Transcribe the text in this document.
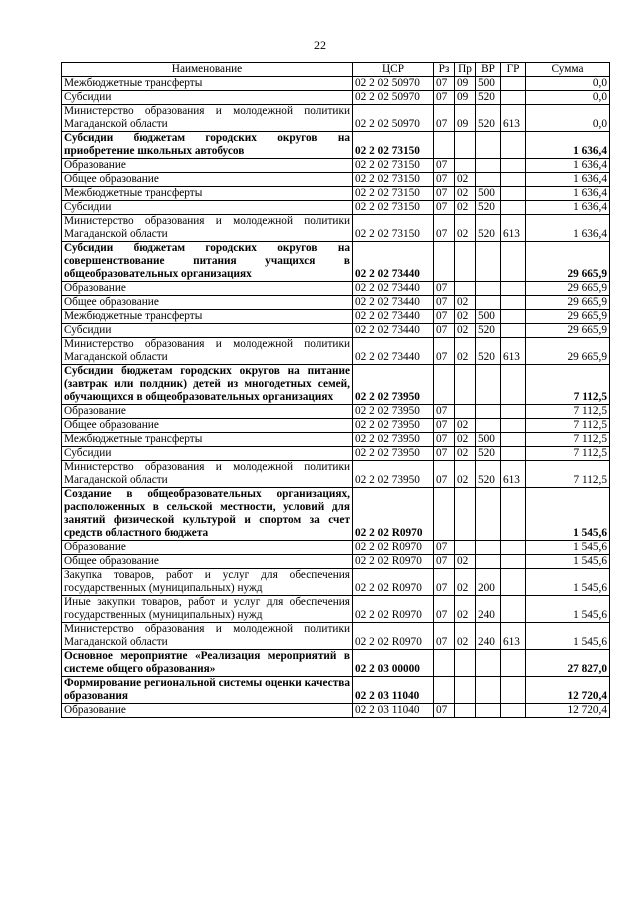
22
Наименование	ЦСР	Рз	Пр	ВР	ГР	Сумма
Межбюджетные трансферты	02 2 02 50970	07	09	500		0,0
Субсидии	02 2 02 50970	07	09	520		0,0
Министерство образования и молодежной политики Магаданской области	02 2 02 50970	07	09	520	613	0,0
Субсидии бюджетам городских округов на приобретение школьных автобусов	02 2 02 73150					1 636,4
Образование	02 2 02 73150	07				1 636,4
Общее образование	02 2 02 73150	07	02			1 636,4
Межбюджетные трансферты	02 2 02 73150	07	02	500		1 636,4
Субсидии	02 2 02 73150	07	02	520		1 636,4
Министерство образования и молодежной политики Магаданской области	02 2 02 73150	07	02	520	613	1 636,4
Субсидии бюджетам городских округов на совершенствование питания учащихся в общеобразовательных организациях	02 2 02 73440					29 665,9
Образование	02 2 02 73440	07				29 665,9
Общее образование	02 2 02 73440	07	02			29 665,9
Межбюджетные трансферты	02 2 02 73440	07	02	500		29 665,9
Субсидии	02 2 02 73440	07	02	520		29 665,9
Министерство образования и молодежной политики Магаданской области	02 2 02 73440	07	02	520	613	29 665,9
Субсидии бюджетам городских округов на питание (завтрак или полдник) детей из многодетных семей, обучающихся в общеобразовательных организациях	02 2 02 73950					7 112,5
Образование	02 2 02 73950	07				7 112,5
Общее образование	02 2 02 73950	07	02			7 112,5
Межбюджетные трансферты	02 2 02 73950	07	02	500		7 112,5
Субсидии	02 2 02 73950	07	02	520		7 112,5
Министерство образования и молодежной политики Магаданской области	02 2 02 73950	07	02	520	613	7 112,5
Создание в общеобразовательных организациях, расположенных в сельской местности, условий для занятий физической культурой и спортом за счет средств областного бюджета	02 2 02 R0970					1 545,6
Образование	02 2 02 R0970	07				1 545,6
Общее образование	02 2 02 R0970	07	02			1 545,6
Закупка товаров, работ и услуг для обеспечения государственных (муниципальных) нужд	02 2 02 R0970	07	02	200		1 545,6
Иные закупки товаров, работ и услуг для обеспечения государственных (муниципальных) нужд	02 2 02 R0970	07	02	240		1 545,6
Министерство образования и молодежной политики Магаданской области	02 2 02 R0970	07	02	240	613	1 545,6
Основное мероприятие «Реализация мероприятий в системе общего образования»	02 2 03 00000					27 827,0
Формирование региональной системы оценки качества образования	02 2 03 11040					12 720,4
Образование	02 2 03 11040	07				12 720,4
